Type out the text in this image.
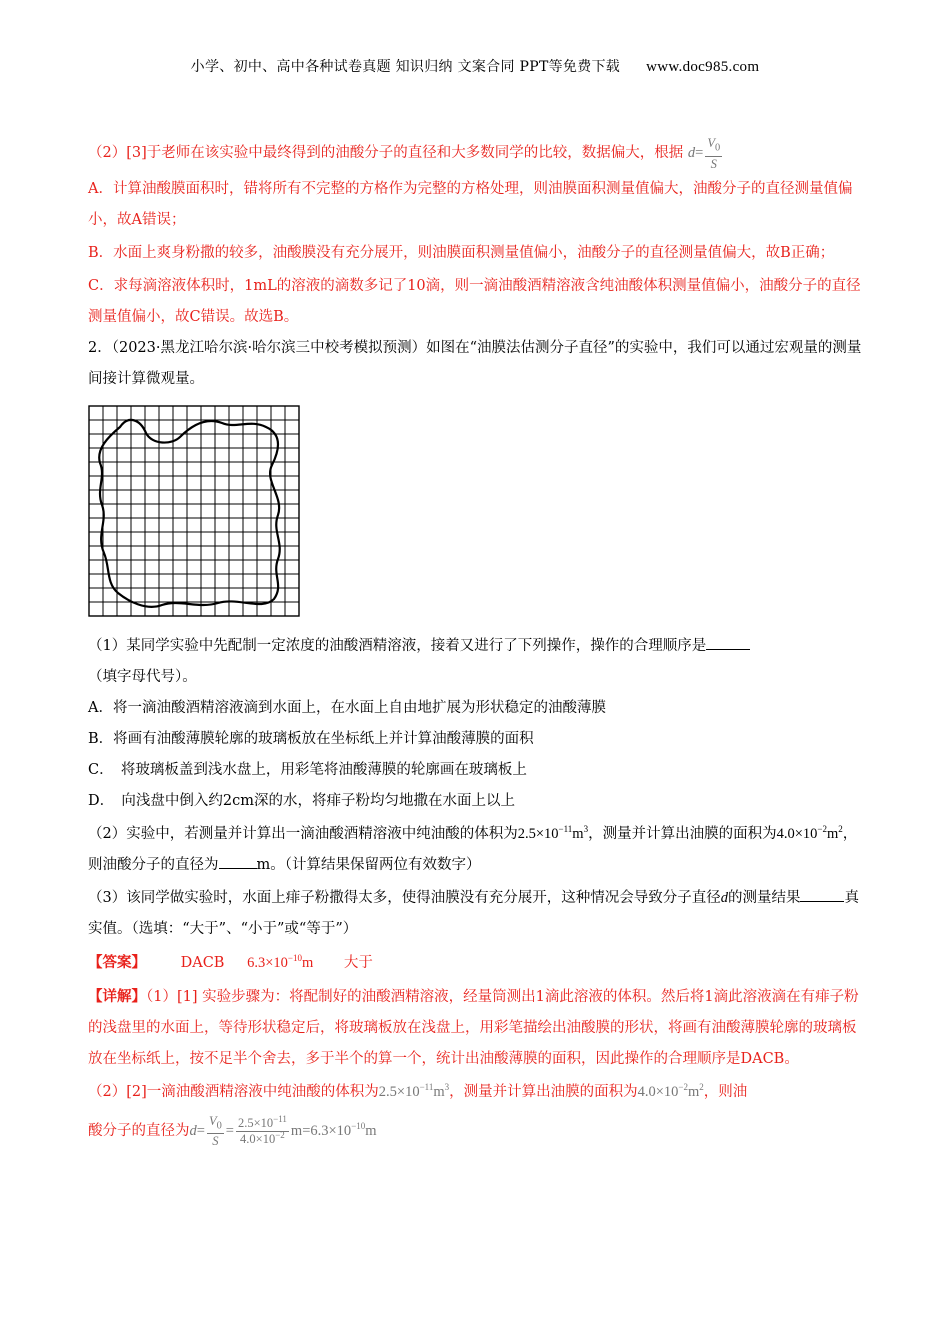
小学、初中、高中各种试卷真题 知识归纳 文案合同 PPT等免费下载 www.doc985.com

（2）[3]于老师在该实验中最终得到的油酸分子的直径和大多数同学的比较，数据偏大，根据 $d= \frac{V_0}{S}$

A．计算油酸膜面积时，错将所有不完整的方格作为完整的方格处理，则油膜面积测量值偏大，油酸分子的直径测量值偏小，故A错误；

B．水面上爽身粉撒的较多，油酸膜没有充分展开，则油膜面积测量值偏小，油酸分子的直径测量值偏大，故B正确；

C．求每滴溶液体积时，1mL的溶液的滴数多记了10滴，则一滴油酸酒精溶液含纯油酸体积测量值偏小，油酸分子的直径测量值偏小，故C错误。故选B。

2．（2023·黑龙江哈尔滨·哈尔滨三中校考模拟预测）如图在“油膜法估测分子直径”的实验中，我们可以通过宏观量的测量间接计算微观量。

（1）某同学实验中先配制一定浓度的油酸酒精溶液，接着又进行了下列操作，操作的合理顺序是
（填字母代号）。

A．将一滴油酸酒精溶液滴到水面上，在水面上自由地扩展为形状稳定的油酸薄膜

B．将画有油酸薄膜轮廓的玻璃板放在坐标纸上并计算油酸薄膜的面积

C．　将玻璃板盖到浅水盘上，用彩笔将油酸薄膜的轮廓画在玻璃板上

D．　向浅盘中倒入约2cm深的水，将痱子粉均匀地撒在水面上以上

（2）实验中，若测量并计算出一滴油酸酒精溶液中纯油酸的体积为$2.5\times 10^{-11}m^3$，测量并计算出油膜的面积为$4.0\times 10^{-2}m^2$，则油酸分子的直径为	m。（计算结果保留两位有效数字）

（3）该同学做实验时，水面上痱子粉撒得太多，使得油膜没有充分展开，这种情况会导致分子直径d的测量结果	真实值。（选填：“大于”、“小于”或“等于”）

【答案】 DACB $6.3\times 10^{-10}m$ 大于

【详解】（1）[1] 实验步骤为：将配制好的油酸酒精溶液，经量筒测出1滴此溶液的体积。然后将1滴此溶液滴在有痱子粉的浅盘里的水面上，等待形状稳定后，将玻璃板放在浅盘上，用彩笔描绘出油酸膜的形状，将画有油酸薄膜轮廓的玻璃板放在坐标纸上，按不足半个舍去，多于半个的算一个，统计出油酸薄膜的面积，因此操作的合理顺序是DACB。

（2）[2]一滴油酸酒精溶液中纯油酸的体积为$2.5\times 10^{-11}m^3$，测量并计算出油膜的面积为$4.0\times 10^{-2}m^2$，则油

酸分子的直径为$d= \frac{V_0}{S} = \frac{2.5\times 10^{-11}}{4.0\times 10^{-2}} m=6.3\times 10^{-10}m$
